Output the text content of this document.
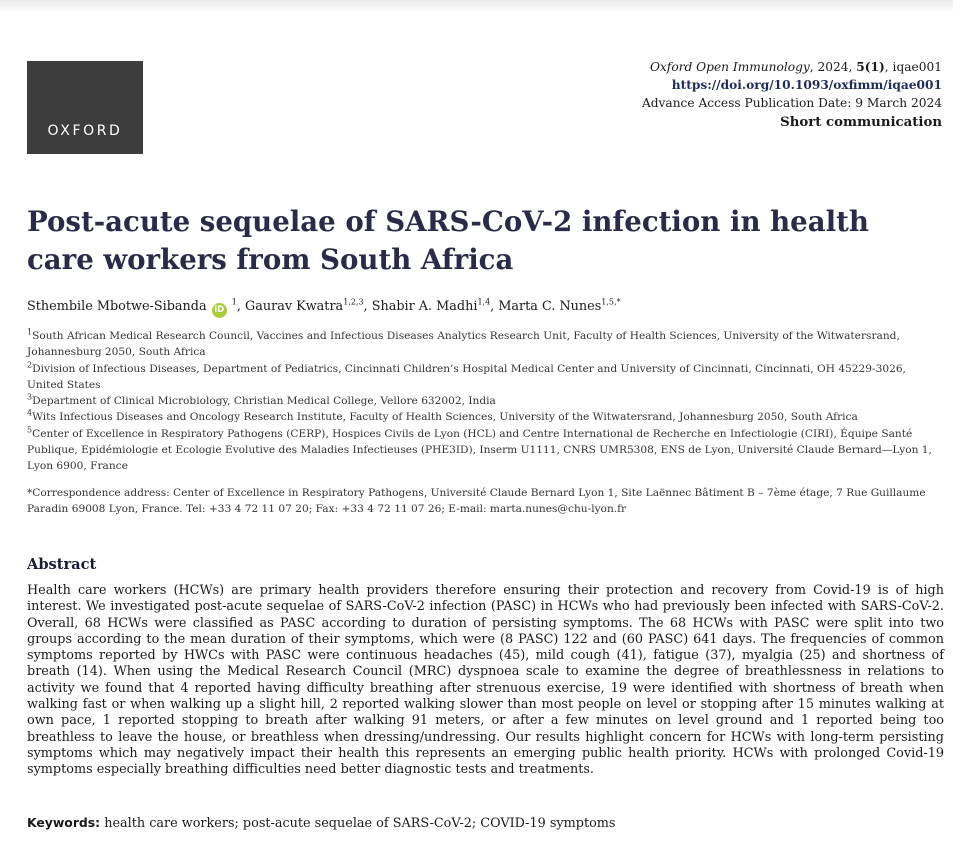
OXFORD
Oxford Open Immunology, 2024, 5(1), iqae001
https://doi.org/10.1093/oxfimm/iqae001
Advance Access Publication Date: 9 March 2024
Short communication
Post-acute sequelae of SARS-CoV-2 infection in health care workers from South Africa
Sthembile Mbotwe-Sibanda iD $^1$, Gaurav Kwatra$^{1,2,3}$, Shabir A. Madhi$^{1,4}$, Marta C. Nunes$^{1,5,*}$

$^1$South African Medical Research Council, Vaccines and Infectious Diseases Analytics Research Unit, Faculty of Health Sciences, University of the Witwatersrand, Johannesburg 2050, South Africa

$^2$Division of Infectious Diseases, Department of Pediatrics, Cincinnati Children’s Hospital Medical Center and University of Cincinnati, Cincinnati, OH 45229-3026, United States

$^3$Department of Clinical Microbiology, Christian Medical College, Vellore 632002, India

$^4$Wits Infectious Diseases and Oncology Research Institute, Faculty of Health Sciences, University of the Witwatersrand, Johannesburg 2050, South Africa

$^5$Center of Excellence in Respiratory Pathogens (CERP), Hospices Civils de Lyon (HCL) and Centre International de Recherche en Infectiologie (CIRI), Équipe Santé Publique, Epidémiologie et Ecologie Evolutive des Maladies Infectieuses (PHE3ID), Inserm U1111, CNRS UMR5308, ENS de Lyon, Université Claude Bernard—Lyon 1, Lyon 6900, France

*Correspondence address: Center of Excellence in Respiratory Pathogens, Université Claude Bernard Lyon 1, Site Laënnec Bâtiment B – 7ème étage, 7 Rue Guillaume Paradin 69008 Lyon, France. Tel: +33 4 72 11 07 20; Fax: +33 4 72 11 07 26; E-mail: marta.nunes@chu-lyon.fr

Abstract

Health care workers (HCWs) are primary health providers therefore ensuring their protection and recovery from Covid-19 is of high interest. We investigated post-acute sequelae of SARS-CoV-2 infection (PASC) in HCWs who had previously been infected with SARS-CoV-2. Overall, 68 HCWs were classified as PASC according to duration of persisting symptoms. The 68 HCWs with PASC were split into two groups according to the mean duration of their symptoms, which were (8 PASC) 122 and (60 PASC) 641 days. The frequencies of common symptoms reported by HWCs with PASC were continuous headaches (45), mild cough (41), fatigue (37), myalgia (25) and shortness of breath (14). When using the Medical Research Council (MRC) dyspnoea scale to examine the degree of breathlessness in relations to activity we found that 4 reported having difficulty breathing after strenuous exercise, 19 were identified with shortness of breath when walking fast or when walking up a slight hill, 2 reported walking slower than most people on level or stopping after 15 minutes walking at own pace, 1 reported stopping to breath after walking 91 meters, or after a few minutes on level ground and 1 reported being too breathless to leave the house, or breathless when dressing/undressing. Our results highlight concern for HCWs with long-term persisting symptoms which may negatively impact their health this represents an emerging public health priority. HCWs with prolonged Covid-19 symptoms especially breathing difficulties need better diagnostic tests and treatments.

Keywords: health care workers; post-acute sequelae of SARS-CoV-2; COVID-19 symptoms
